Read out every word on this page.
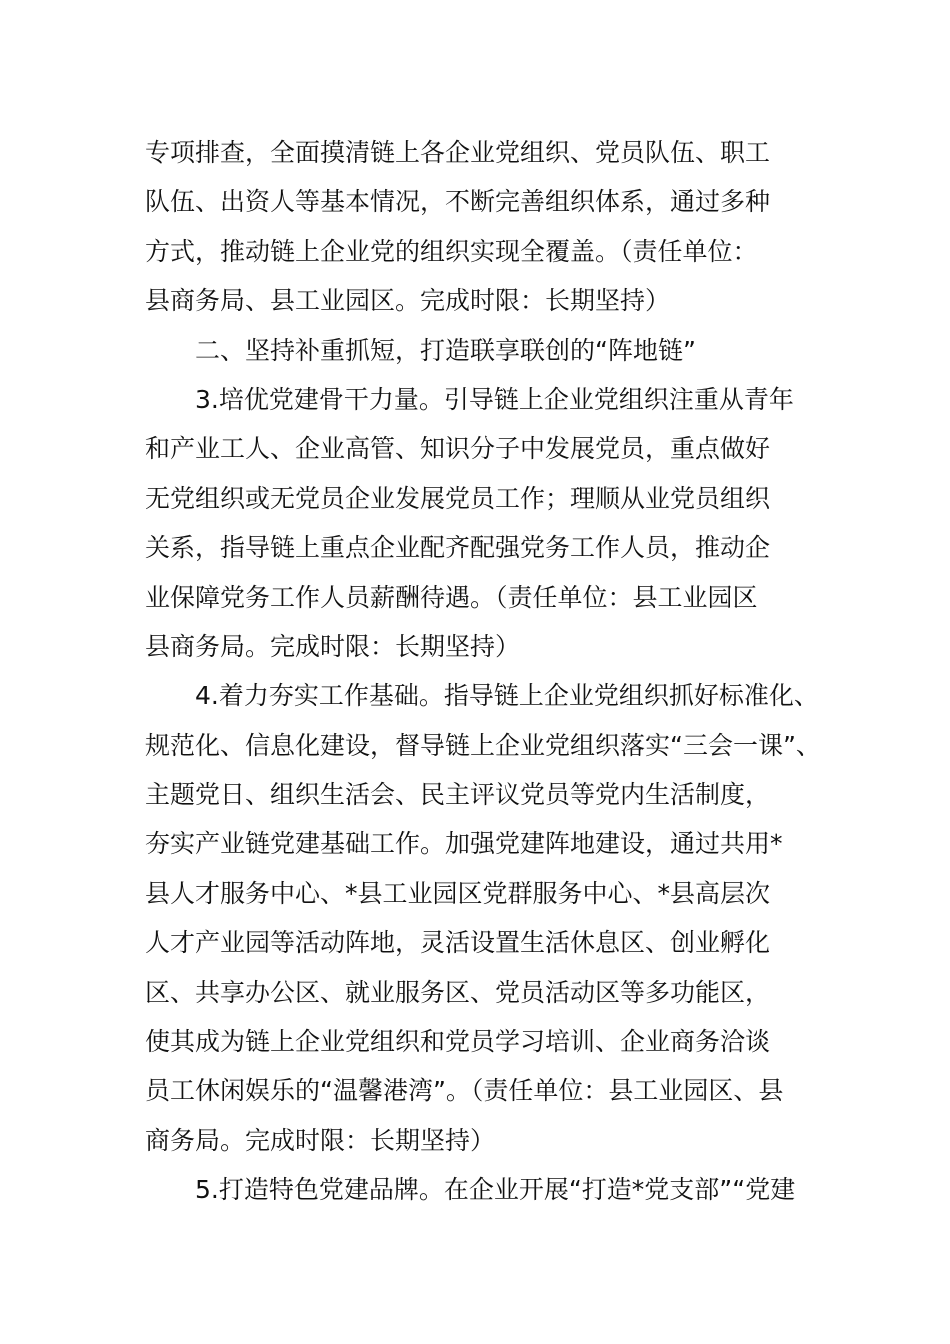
专项排查，全面摸清链上各企业党组织、党员队伍、职工
队伍、出资人等基本情况，不断完善组织体系，通过多种
方式，推动链上企业党的组织实现全覆盖。（责任单位：
县商务局、县工业园区。完成时限：长期坚持）
二、坚持补重抓短，打造联享联创的“阵地链”
3.培优党建骨干力量。引导链上企业党组织注重从青年
和产业工人、企业高管、知识分子中发展党员，重点做好
无党组织或无党员企业发展党员工作；理顺从业党员组织
关系，指导链上重点企业配齐配强党务工作人员，推动企
业保障党务工作人员薪酬待遇。（责任单位：县工业园区
县商务局。完成时限：长期坚持）
4.着力夯实工作基础。指导链上企业党组织抓好标准化、
规范化、信息化建设，督导链上企业党组织落实“三会一课”、
主题党日、组织生活会、民主评议党员等党内生活制度，
夯实产业链党建基础工作。加强党建阵地建设，通过共用*
县人才服务中心、*县工业园区党群服务中心、*县高层次
人才产业园等活动阵地，灵活设置生活休息区、创业孵化
区、共享办公区、就业服务区、党员活动区等多功能区，
使其成为链上企业党组织和党员学习培训、企业商务洽谈
员工休闲娱乐的“温馨港湾”。（责任单位：县工业园区、县
商务局。完成时限：长期坚持）
5.打造特色党建品牌。在企业开展“打造*党支部”“党建
